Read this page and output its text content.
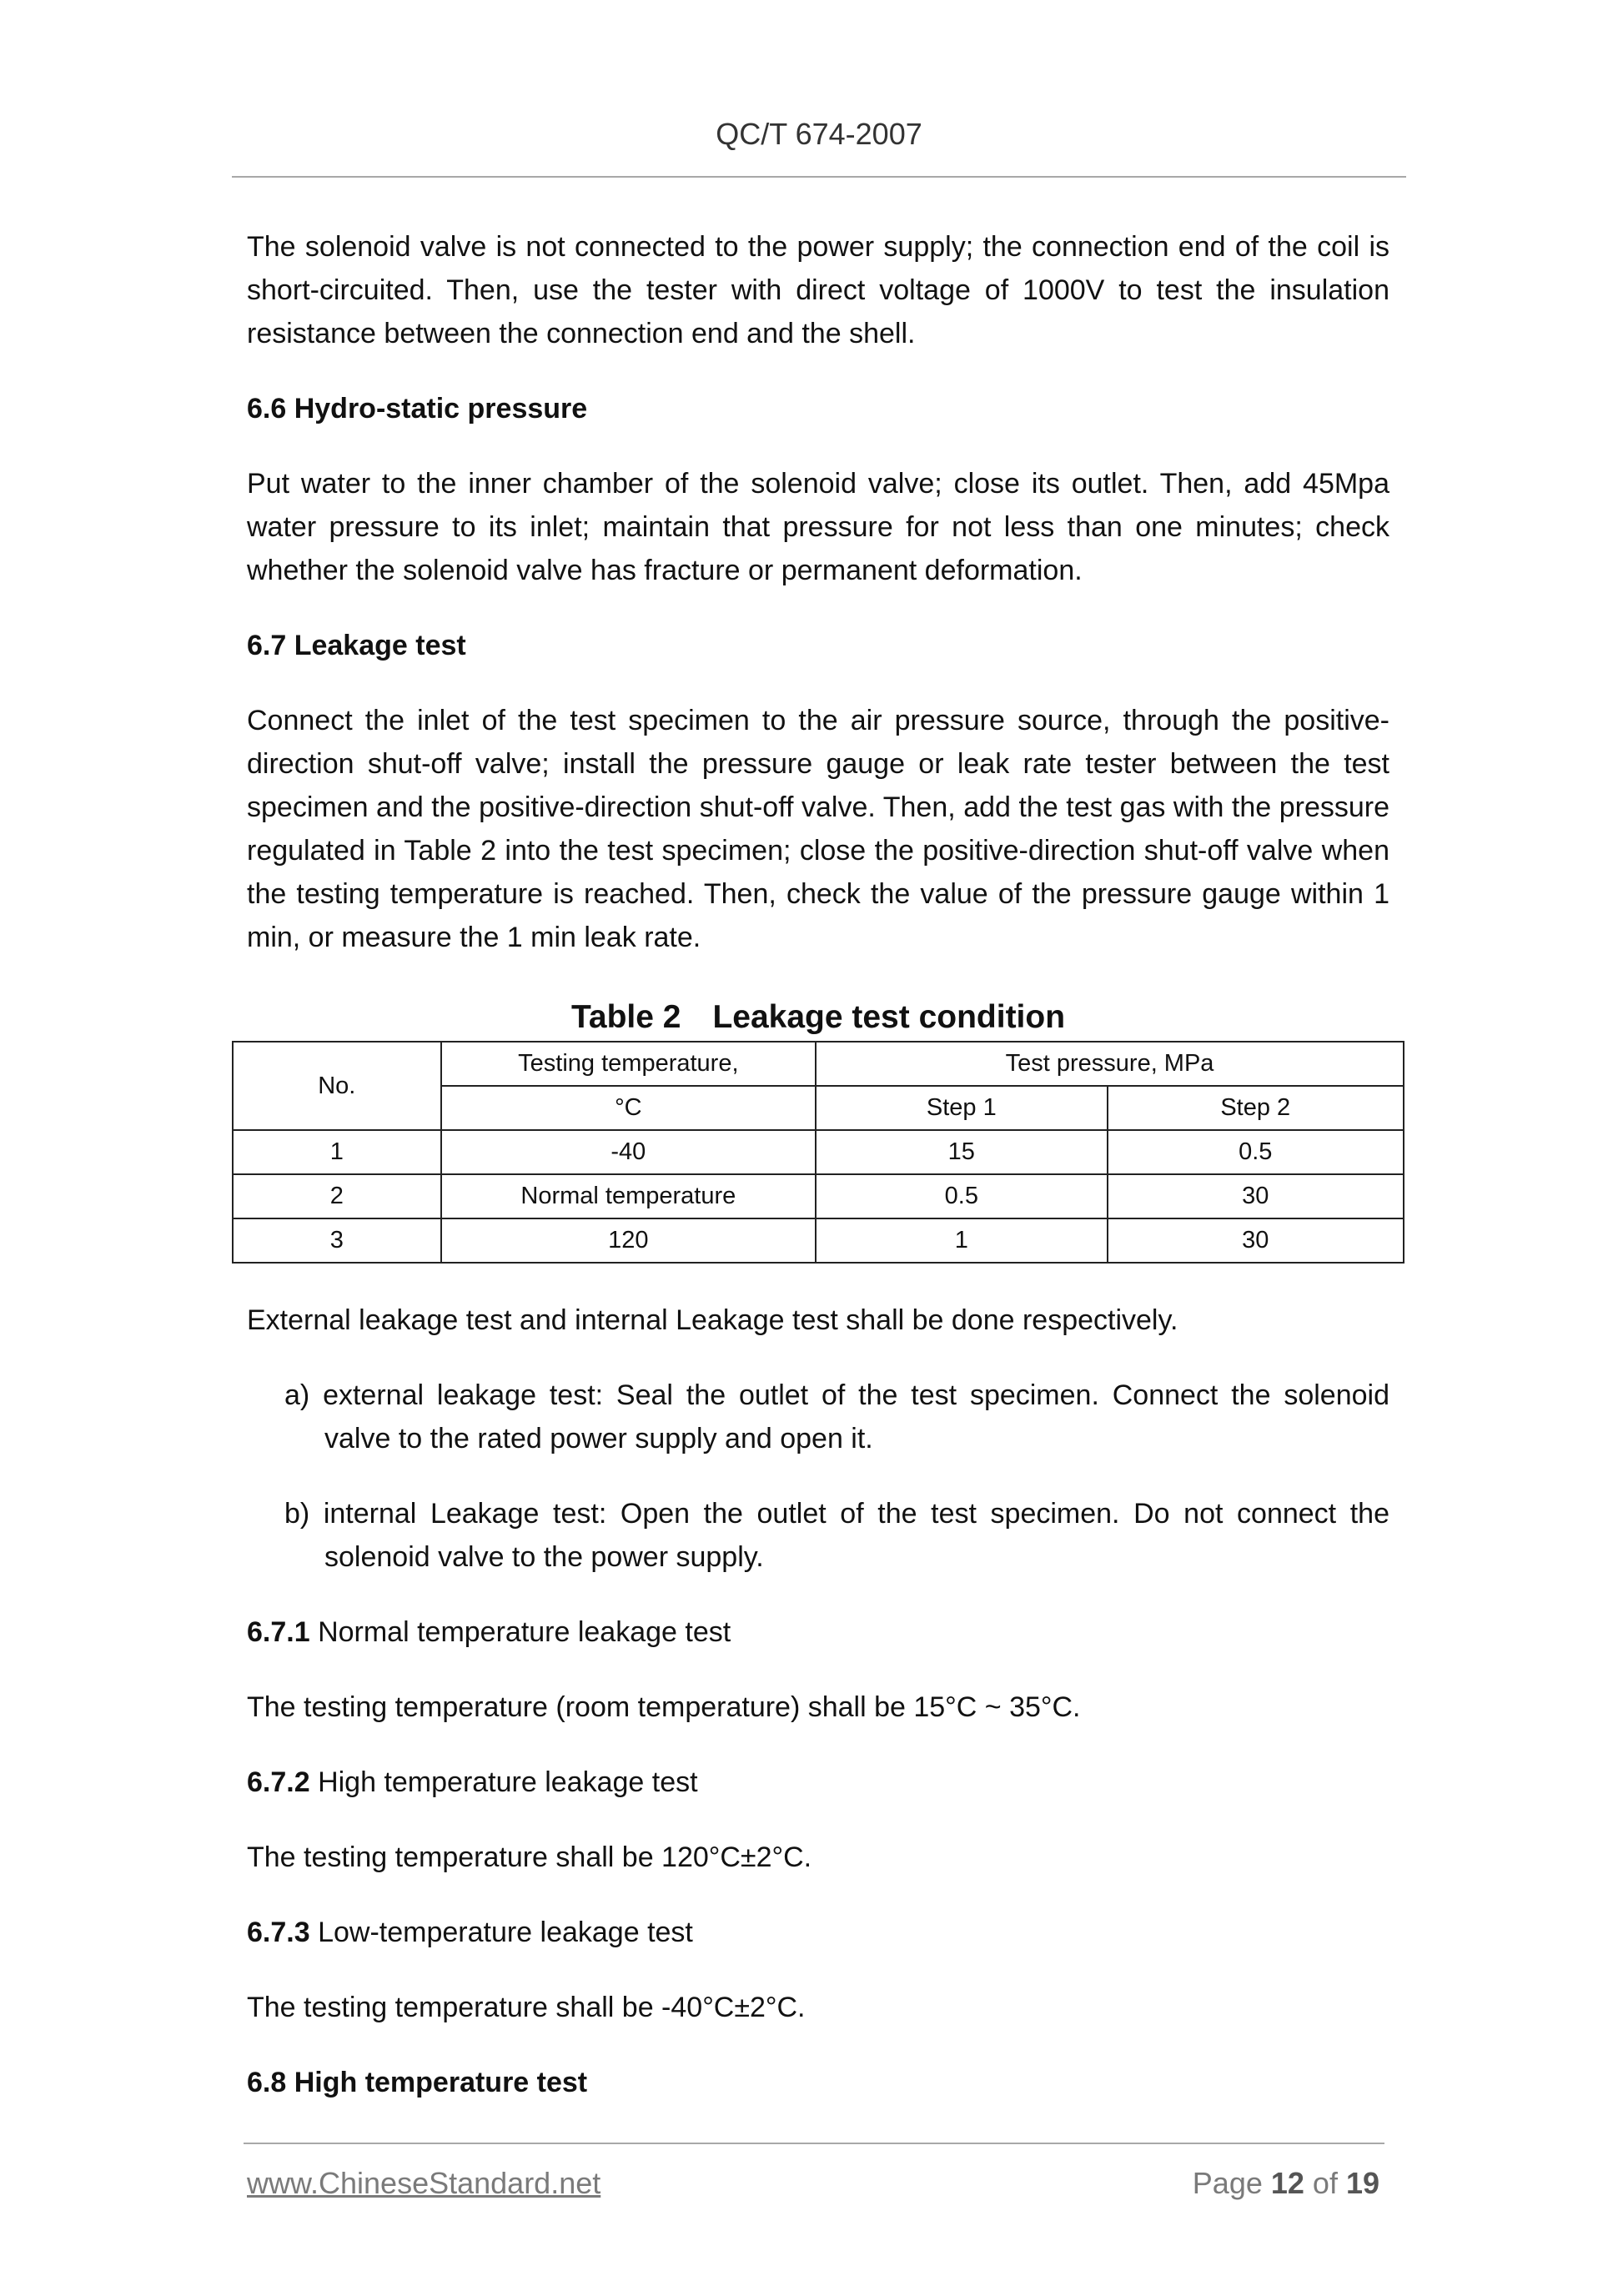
QC/T 674-2007

The solenoid valve is not connected to the power supply; the connection end of the coil is short-circuited. Then, use the tester with direct voltage of 1000V to test the insulation resistance between the connection end and the shell.

6.6 Hydro-static pressure

Put water to the inner chamber of the solenoid valve; close its outlet. Then, add 45Mpa water pressure to its inlet; maintain that pressure for not less than one minutes; check whether the solenoid valve has fracture or permanent deformation.

6.7 Leakage test

Connect the inlet of the test specimen to the air pressure source, through the positive-direction shut-off valve; install the pressure gauge or leak rate tester between the test specimen and the positive-direction shut-off valve. Then, add the test gas with the pressure regulated in Table 2 into the test specimen; close the positive-direction shut-off valve when the testing temperature is reached. Then, check the value of the pressure gauge within 1 min, or measure the 1 min leak rate.

Table 2 Leakage test condition
No.	Testing temperature,	Test pressure, MPa	
	°C	Step 1	Step 2
1	-40	15	0.5
2	Normal temperature	0.5	30
3	120	1	30

External leakage test and internal Leakage test shall be done respectively.

a) external leakage test: Seal the outlet of the test specimen. Connect the solenoid valve to the rated power supply and open it.

b) internal Leakage test: Open the outlet of the test specimen. Do not connect the solenoid valve to the power supply.

6.7.1 Normal temperature leakage test

The testing temperature (room temperature) shall be 15°C ~ 35°C.

6.7.2 High temperature leakage test

The testing temperature shall be 120°C±2°C.

6.7.3 Low-temperature leakage test

The testing temperature shall be -40°C±2°C.

6.8 High temperature test

www.ChineseStandard.net	Page 12 of 19
